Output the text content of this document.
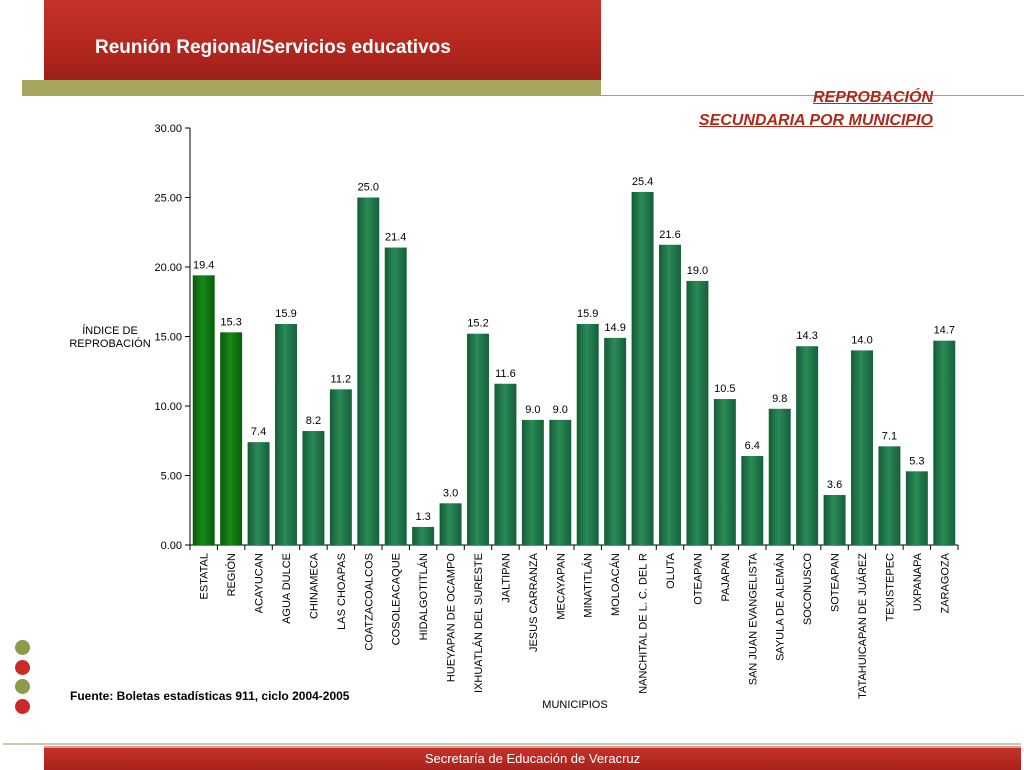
Reunión Regional/Servicios educativos
REPROBACIÓN
SECUNDARIA POR MUNICIPIO
0.00
5.00
10.00
15.00
20.00
25.00
30.00
ÍNDICE DE REPROBACIÓN
MUNICIPIOS
19.4
ESTATAL
15.3
REGIÓN
7.4
ACAYUCAN
15.9
AGUA DULCE
8.2
CHINAMECA
11.2
LAS CHOAPAS
25.0
COATZACOALCOS
21.4
COSOLEACAQUE
1.3
HIDALGOTITLÁN
3.0
HUEYAPAN DE OCAMPO
15.2
IXHUATLÁN DEL SURESTE
11.6
JALTIPAN
9.0
JESUS CARRANZA
9.0
MECAYAPAN
15.9
MINATITLÁN
14.9
MOLOACÁN
25.4
NANCHITAL DE L. C. DEL R
21.6
OLUTA
19.0
OTEAPAN
10.5
PAJAPAN
6.4
SAN JUAN EVANGELISTA
9.8
SAYULA DE ALEMÁN
14.3
SOCONUSCO
3.6
SOTEAPAN
14.0
TATAHUICAPAN DE JUÁREZ
7.1
TEXISTEPEC
5.3
UXPANAPA
14.7
ZARAGOZA
Fuente: Boletas estadísticas 911, ciclo 2004-2005
Secretaría de Educación de Veracruz
